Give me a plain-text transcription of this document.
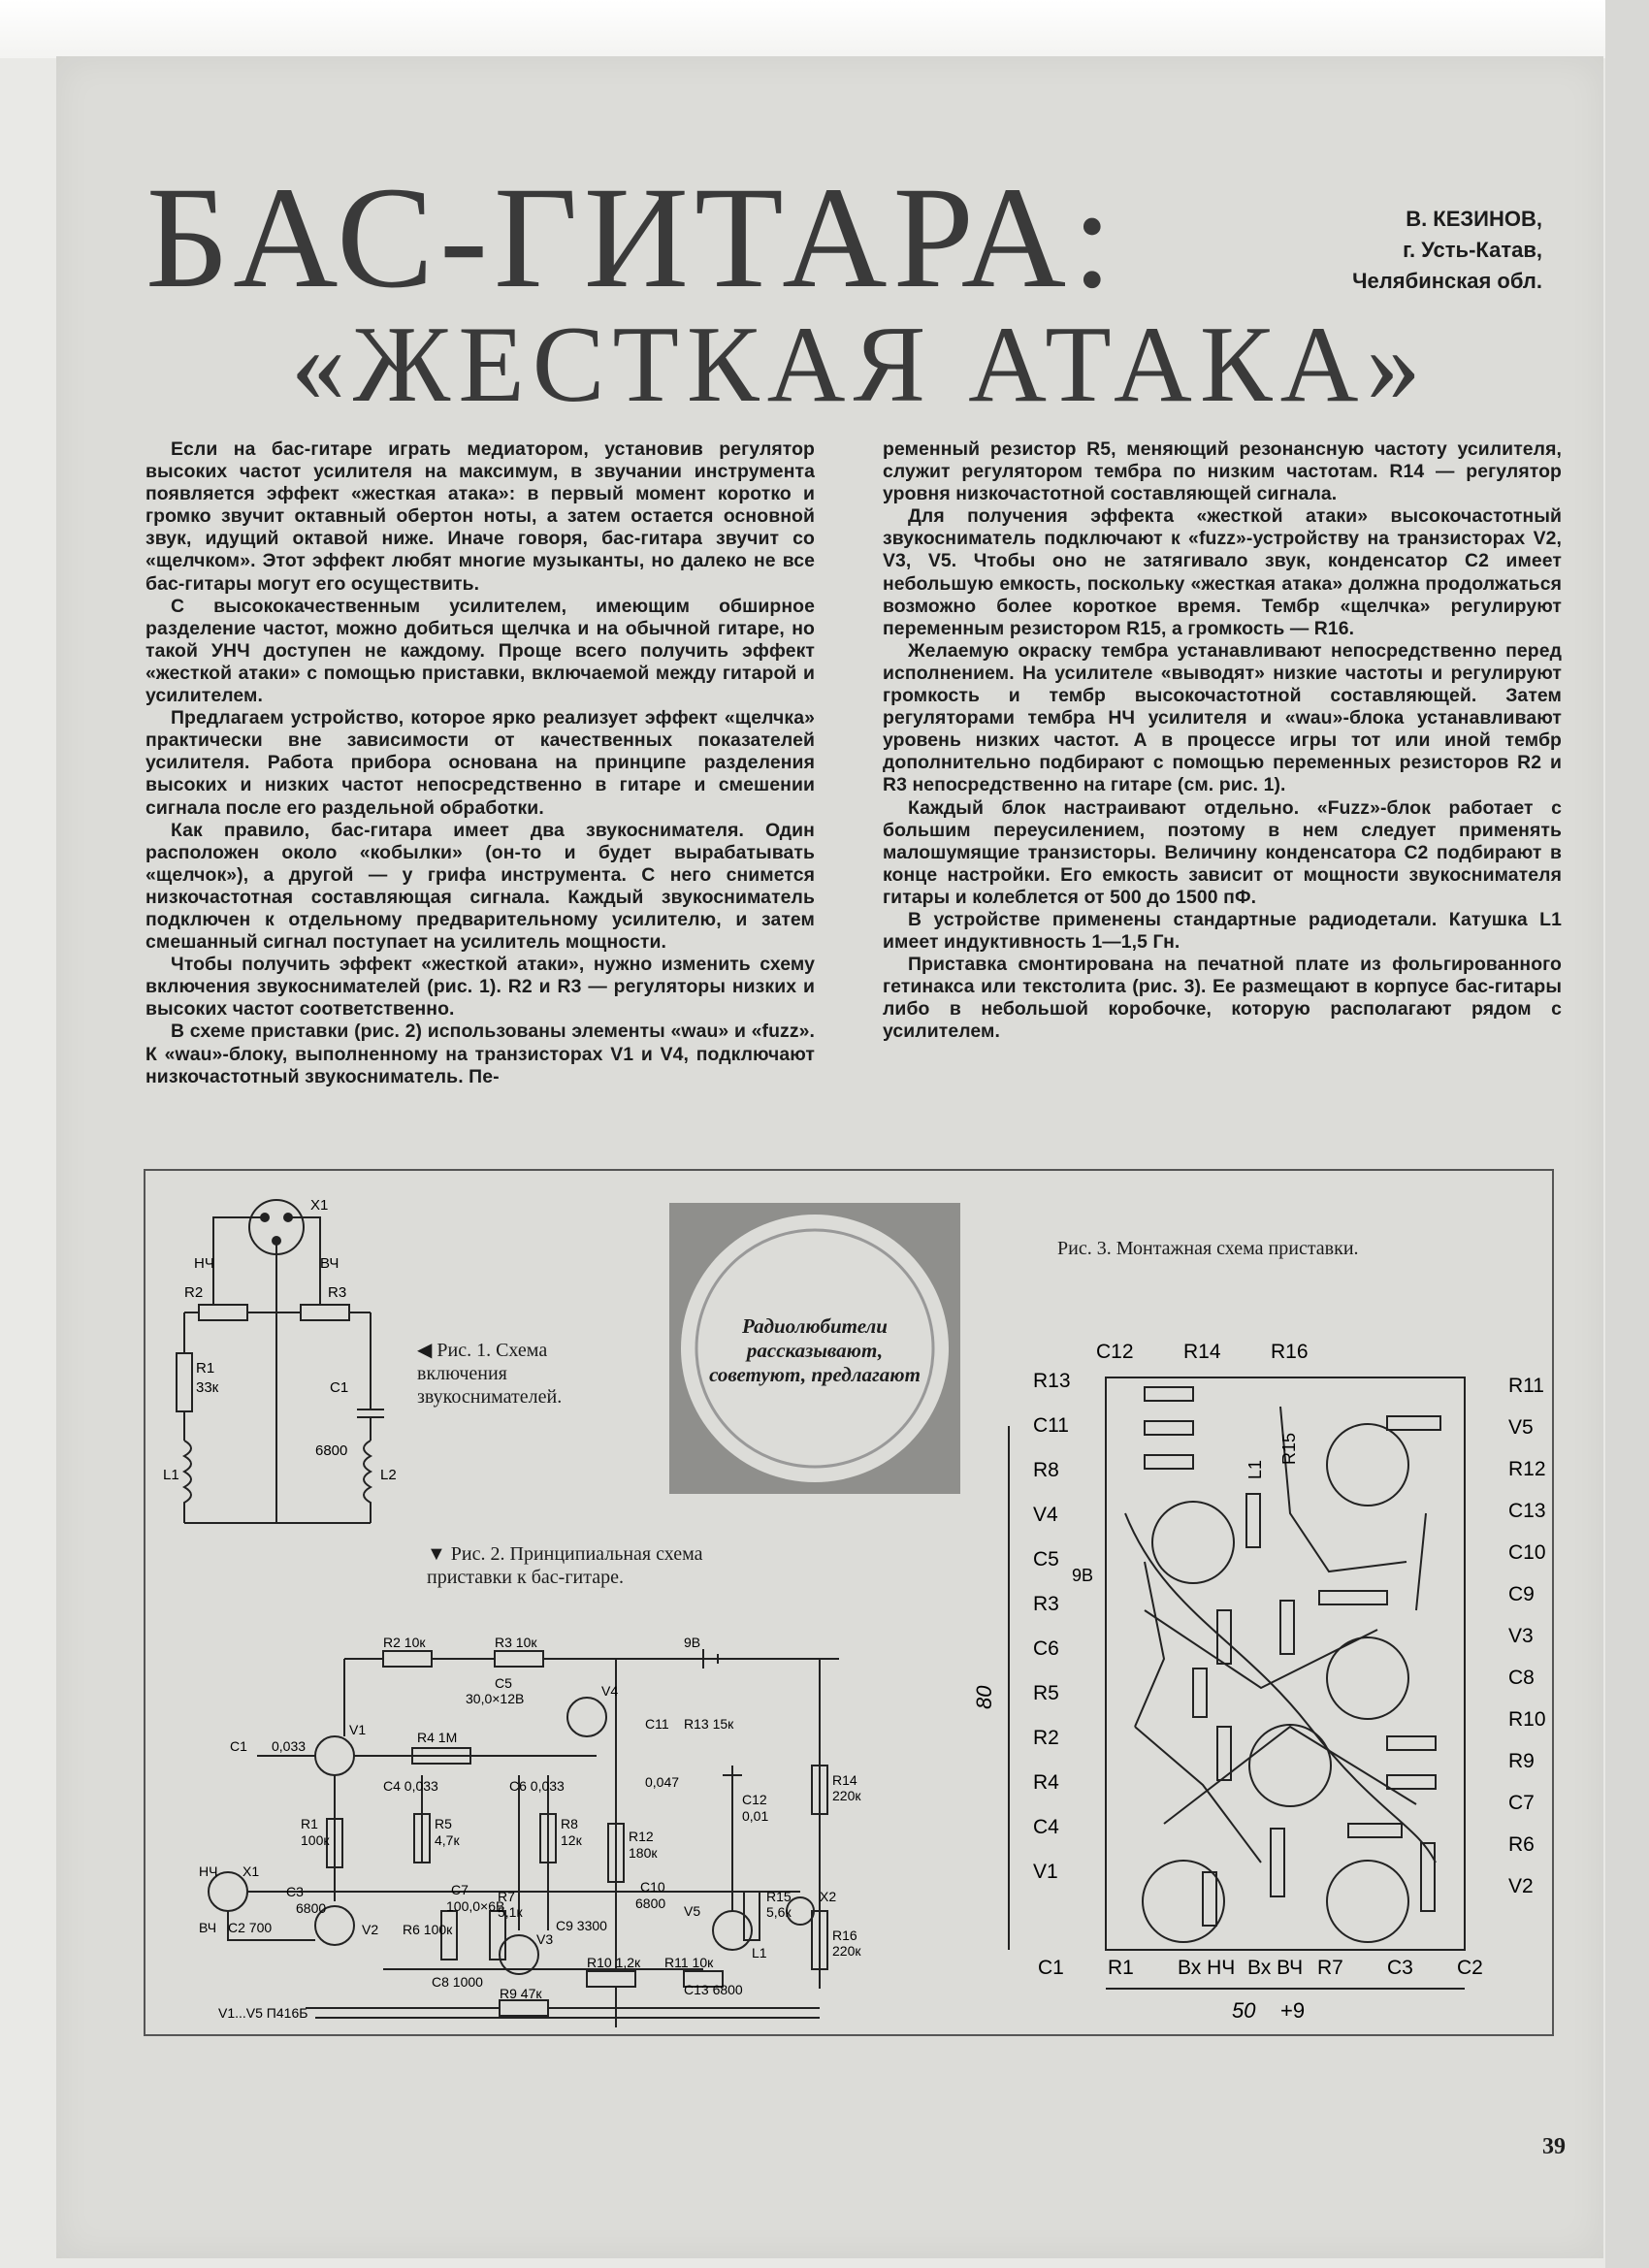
БАС-ГИТАРА:
«ЖЕСТКАЯ АТАКА»
В. КЕЗИНОВ,
г. Усть-Катав,
Челябинская обл.

Если на бас-гитаре играть медиатором, установив регулятор высоких частот усилителя на максимум, в звучании инструмента появляется эффект «жесткая атака»: в первый момент коротко и громко звучит октавный обертон ноты, а затем остается основной звук, идущий октавой ниже. Иначе говоря, бас-гитара звучит со «щелчком». Этот эффект любят многие музыканты, но далеко не все бас-гитары могут его осуществить.

С высококачественным усилителем, имеющим обширное разделение частот, можно добиться щелчка и на обычной гитаре, но такой УНЧ доступен не каждому. Проще всего получить эффект «жесткой атаки» с помощью приставки, включаемой между гитарой и усилителем.

Предлагаем устройство, которое ярко реализует эффект «щелчка» практически вне зависимости от качественных показателей усилителя. Работа прибора основана на принципе разделения высоких и низких частот непосредственно в гитаре и смешении сигнала после его раздельной обработки.

Как правило, бас-гитара имеет два звукоснимателя. Один расположен около «кобылки» (он-то и будет вырабатывать «щелчок»), а другой — у грифа инструмента. С него снимется низкочастотная составляющая сигнала. Каждый звукосниматель подключен к отдельному предварительному усилителю, и затем смешанный сигнал поступает на усилитель мощности.

Чтобы получить эффект «жесткой атаки», нужно изменить схему включения звукоснимателей (рис. 1). R2 и R3 — регуляторы низких и высоких частот соответственно.

В схеме приставки (рис. 2) использованы элементы «wau» и «fuzz». К «wau»-блоку, выполненному на транзисторах V1 и V4, подключают низкочастотный звукосниматель. Пе-

ременный резистор R5, меняющий резонансную частоту усилителя, служит регулятором тембра по низким частотам. R14 — регулятор уровня низкочастотной составляющей сигнала.

Для получения эффекта «жесткой атаки» высокочастотный звукосниматель подключают к «fuzz»-устройству на транзисторах V2, V3, V5. Чтобы оно не затягивало звук, конденсатор C2 имеет небольшую емкость, поскольку «жесткая атака» должна продолжаться возможно более короткое время. Тембр «щелчка» регулируют переменным резистором R15, а громкость — R16.

Желаемую окраску тембра устанавливают непосредственно перед исполнением. На усилителе «выводят» низкие частоты и регулируют громкость и тембр высокочастотной составляющей. Затем регуляторами тембра НЧ усилителя и «wau»-блока устанавливают уровень низких частот. А в процессе игры тот или иной тембр дополнительно подбирают с помощью переменных резисторов R2 и R3 непосредственно на гитаре (см. рис. 1).

Каждый блок настраивают отдельно. «Fuzz»-блок работает с большим переусилением, поэтому в нем следует применять малошумящие транзисторы. Величину конденсатора C2 подбирают в конце настройки. Его емкость зависит от мощности звукоснимателя гитары и колеблется от 500 до 1500 пФ.

В устройстве применены стандартные радиодетали. Катушка L1 имеет индуктивность 1—1,5 Гн.

Приставка смонтирована на печатной плате из фольгированного гетинакса или текстолита (рис. 3). Ее размещают в корпусе бас-гитары либо в небольшой коробочке, которую располагают рядом с усилителем.

X1
НЧ	ВЧ
R2	R3
R1
33к	C1
6800
L1	L2
◀ Рис. 1. Схема включения звукоснимателей.
Радиолюбители рассказывают, советуют, предлагают
▼ Рис. 2. Принципиальная схема приставки к бас-гитаре.
R2 10к	R3 10к	9В
C5
30,0×12В	V4
V1
C1 0,033
R4 1М
C4 0,033	C6 0,033
R1
100к
R5
4,7к
R8
12к
C3
6800
C7
100,0×6В
R7
5,1к
R6 100к
C2 700	V2
C8 1000
V3
C9 3300
C10
6800
R10 1,2к
R9 47к
R11 10к
C11
0,047
R13 15к
R12
180к
C12
0,01
R14
220к
V5
R15
5,6к
L1
C13 6800
R16
220к
НЧ
ВЧ
X1
X2
V1...V5 П416Б
Рис. 3. Монтажная схема приставки.
80
50 +9
R15
L1
9В
C12 R14 R16
R13
C11
R8
V4
C5
R3
C6
R5
R2
R4
C4
V1
R11
V5
R12
C13
C10
C9
V3
C8
R10
R9
C7
R6
V2
C1 R1 Вх НЧ Вх ВЧ R7 C3 C2
39
